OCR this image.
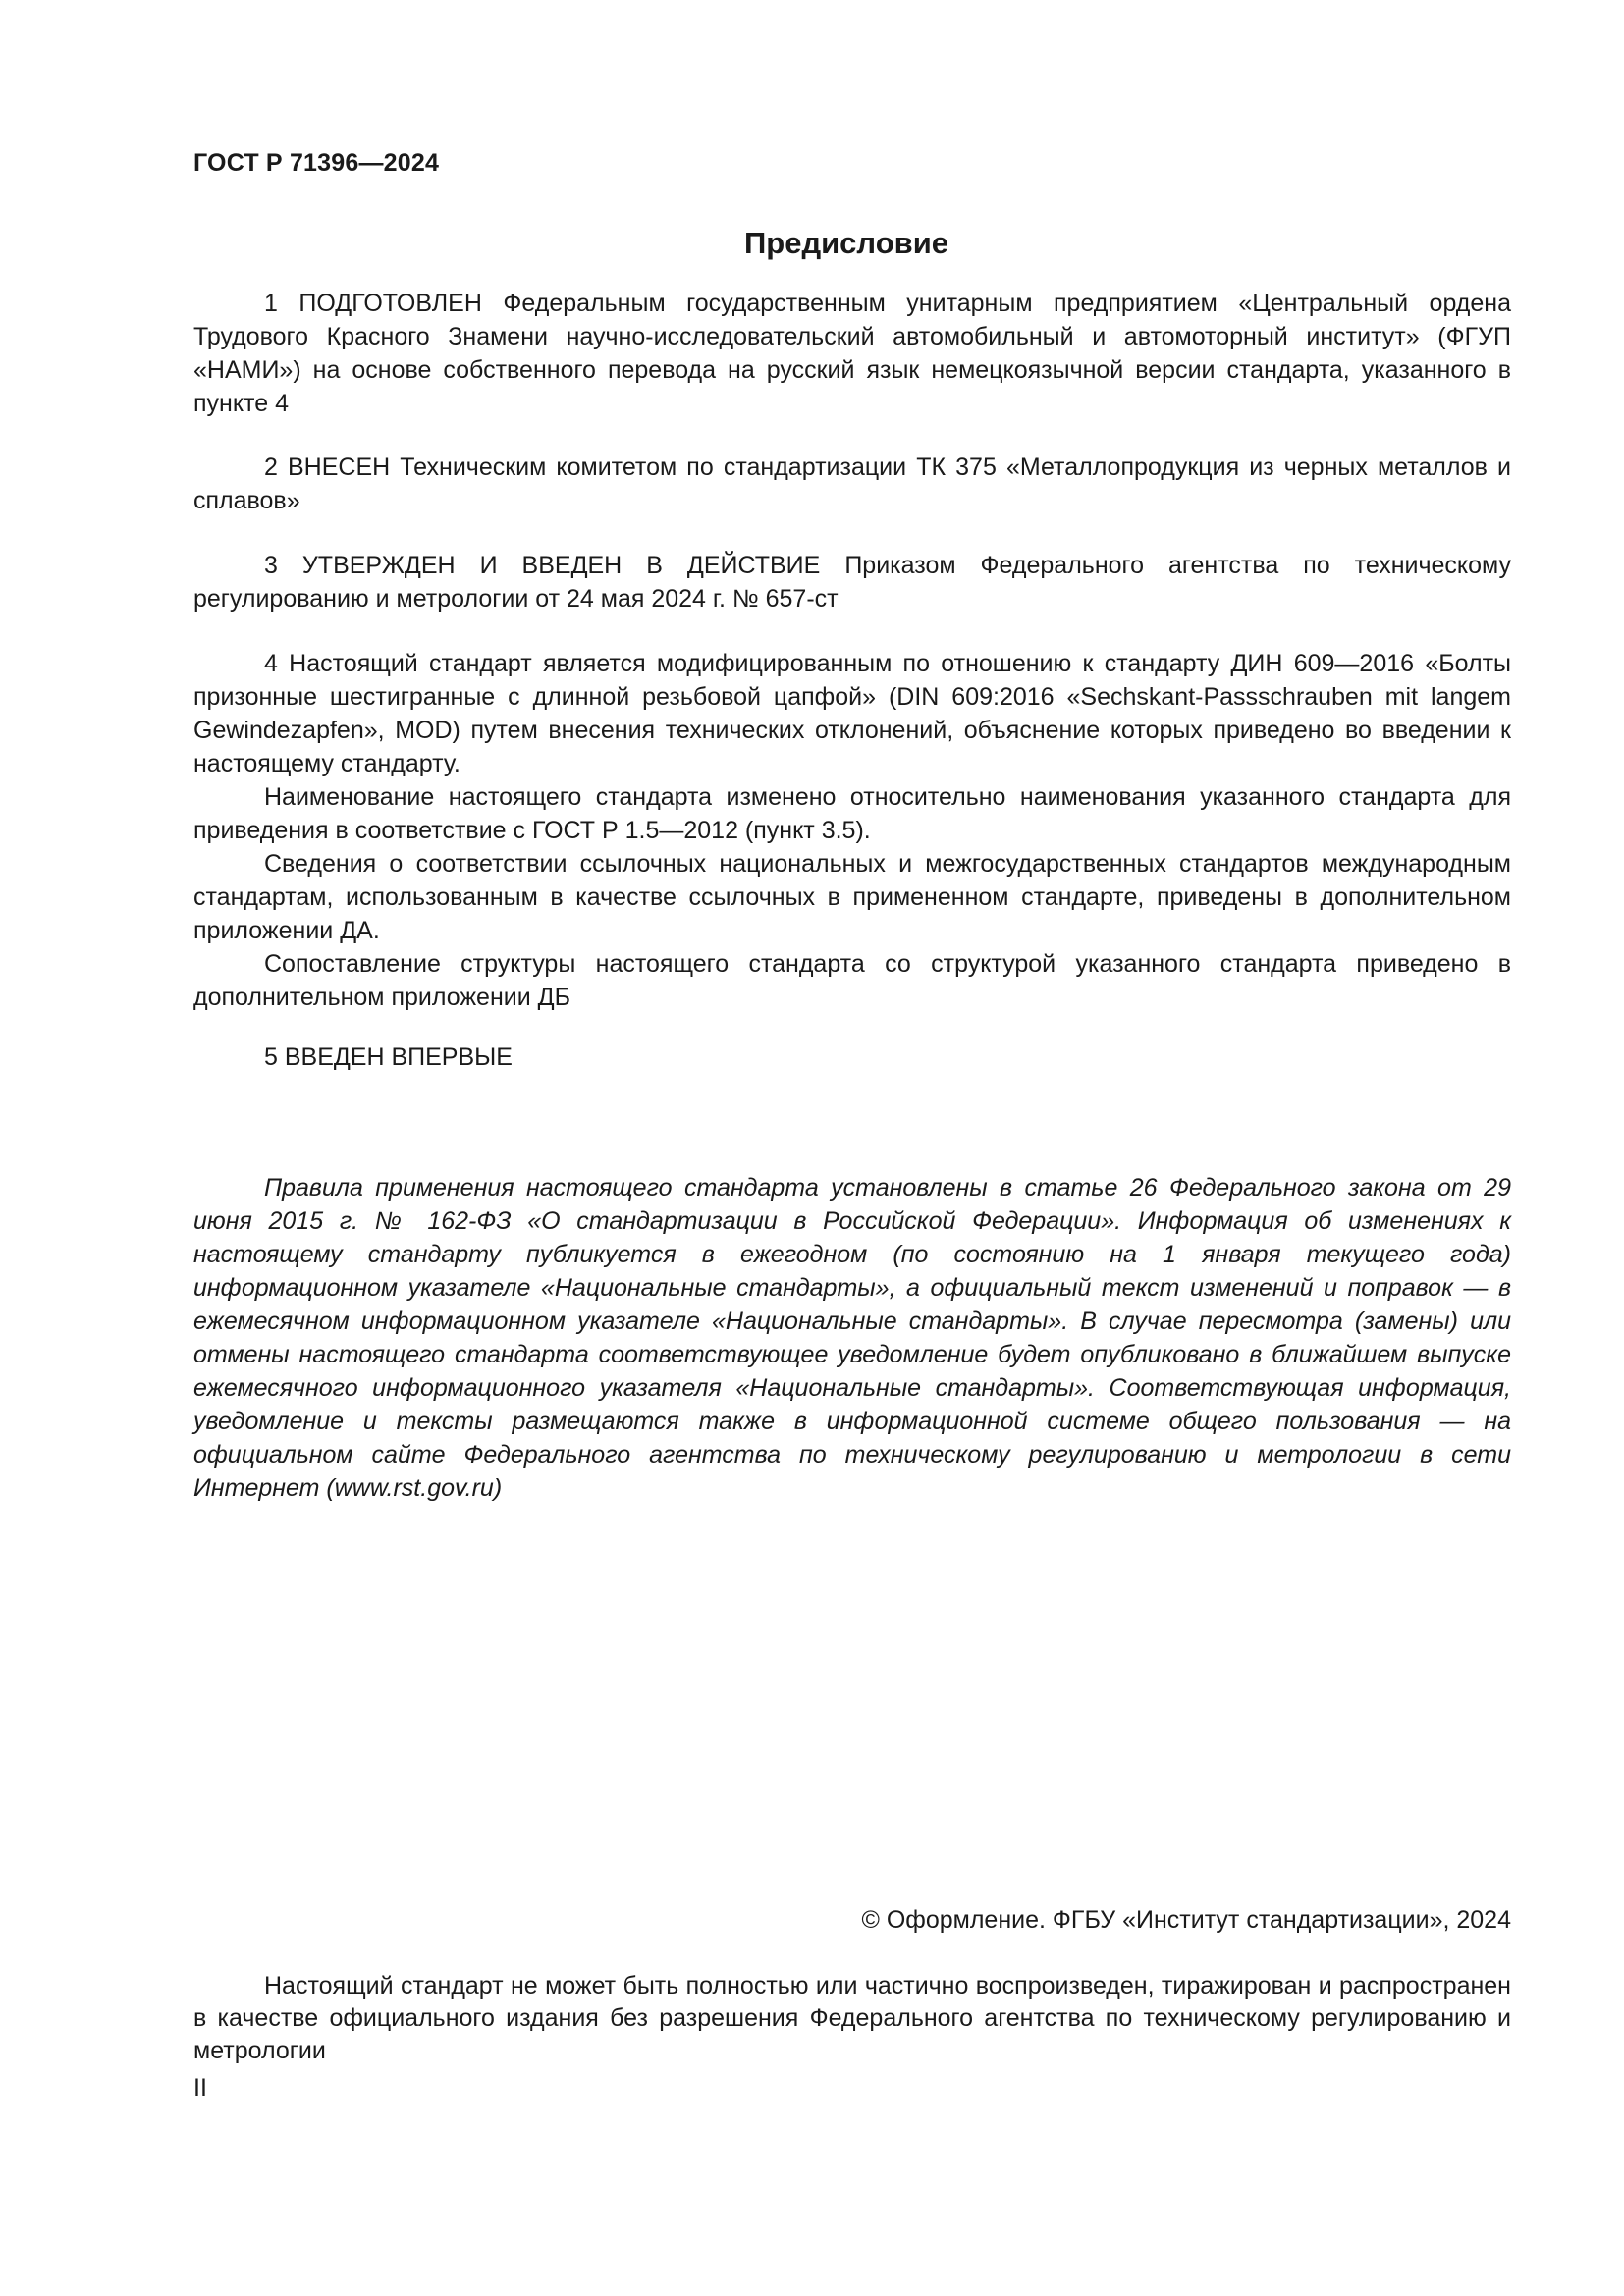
ГОСТ Р 71396—2024
Предисловие

1 ПОДГОТОВЛЕН Федеральным государственным унитарным предприятием «Центральный ордена Трудового Красного Знамени научно-исследовательский автомобильный и автомоторный институт» (ФГУП «НАМИ») на основе собственного перевода на русский язык немецкоязычной версии стандарта, указанного в пункте 4

2 ВНЕСЕН Техническим комитетом по стандартизации ТК 375 «Металлопродукция из черных металлов и сплавов»

3 УТВЕРЖДЕН И ВВЕДЕН В ДЕЙСТВИЕ Приказом Федерального агентства по техническому регулированию и метрологии от 24 мая 2024 г. № 657-ст

4 Настоящий стандарт является модифицированным по отношению к стандарту ДИН 609—2016 «Болты призонные шестигранные с длинной резьбовой цапфой» (DIN 609:2016 «Sechskant-Passschrauben mit langem Gewindezapfen», MOD) путем внесения технических отклонений, объяснение которых приведено во введении к настоящему стандарту.

Наименование настоящего стандарта изменено относительно наименования указанного стандарта для приведения в соответствие с ГОСТ Р 1.5—2012 (пункт 3.5).

Сведения о соответствии ссылочных национальных и межгосударственных стандартов международным стандартам, использованным в качестве ссылочных в примененном стандарте, приведены в дополнительном приложении ДА.

Сопоставление структуры настоящего стандарта со структурой указанного стандарта приведено в дополнительном приложении ДБ

5 ВВЕДЕН ВПЕРВЫЕ

Правила применения настоящего стандарта установлены в статье 26 Федерального закона от 29 июня 2015 г. № 162-ФЗ «О стандартизации в Российской Федерации». Информация об изменениях к настоящему стандарту публикуется в ежегодном (по состоянию на 1 января текущего года) информационном указателе «Национальные стандарты», а официальный текст изменений и поправок — в ежемесячном информационном указателе «Национальные стандарты». В случае пересмотра (замены) или отмены настоящего стандарта соответствующее уведомление будет опубликовано в ближайшем выпуске ежемесячного информационного указателя «Национальные стандарты». Соответствующая информация, уведомление и тексты размещаются также в информационной системе общего пользования — на официальном сайте Федерального агентства по техническому регулированию и метрологии в сети Интернет (www.rst.gov.ru)

© Оформление. ФГБУ «Институт стандартизации», 2024

Настоящий стандарт не может быть полностью или частично воспроизведен, тиражирован и распространен в качестве официального издания без разрешения Федерального агентства по техническому регулированию и метрологии

II
